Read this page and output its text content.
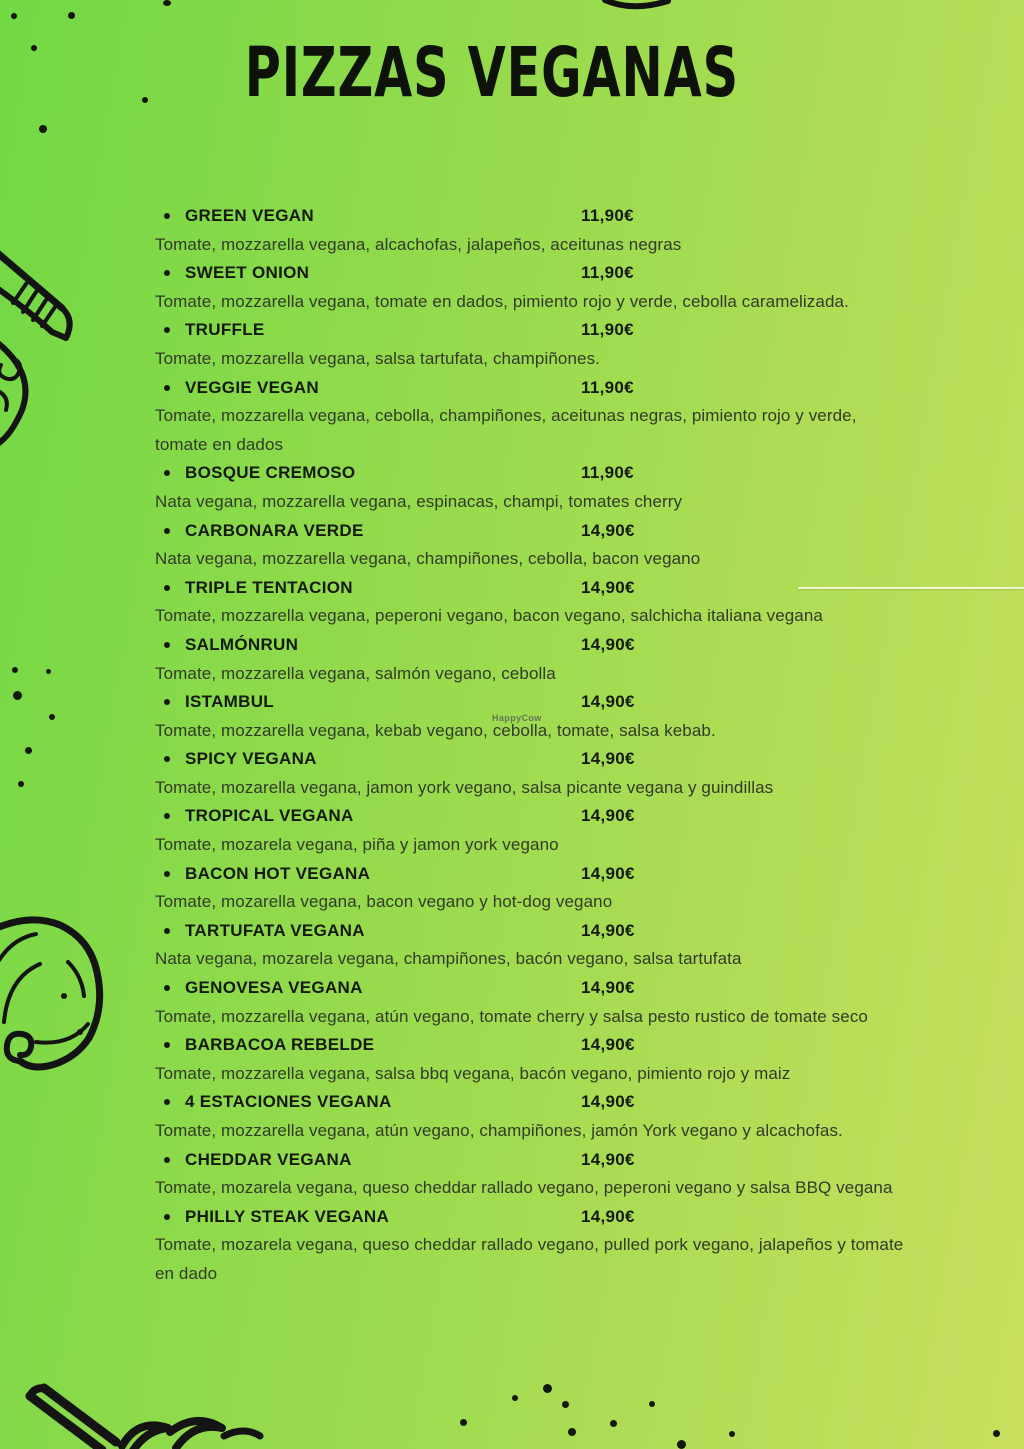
PIZZAS VEGANAS
HappyCow
GREEN VEGAN	11,90€
Tomate, mozzarella vegana, alcachofas, jalapeños, aceitunas negras
SWEET ONION	11,90€
Tomate, mozzarella vegana, tomate en dados, pimiento rojo y verde, cebolla caramelizada.
TRUFFLE	11,90€
Tomate, mozzarella vegana, salsa tartufata, champiñones.
VEGGIE VEGAN	11,90€
Tomate, mozzarella vegana, cebolla, champiñones, aceitunas negras, pimiento rojo y verde,
tomate en dados
BOSQUE CREMOSO	11,90€
Nata vegana, mozzarella vegana, espinacas, champi, tomates cherry
CARBONARA VERDE	14,90€
Nata vegana, mozzarella vegana, champiñones, cebolla, bacon vegano
TRIPLE TENTACION	14,90€
Tomate, mozzarella vegana, peperoni vegano, bacon vegano, salchicha italiana vegana
SALMÓNRUN	14,90€
Tomate, mozzarella vegana, salmón vegano, cebolla
ISTAMBUL	14,90€
Tomate, mozzarella vegana, kebab vegano, cebolla, tomate, salsa kebab.
SPICY VEGANA	14,90€
Tomate, mozarella vegana, jamon york vegano, salsa picante vegana y guindillas
TROPICAL VEGANA	14,90€
Tomate, mozarela vegana, piña y jamon york vegano
BACON HOT VEGANA	14,90€
Tomate, mozarella vegana, bacon vegano y hot-dog vegano
TARTUFATA VEGANA	14,90€
Nata vegana, mozarela vegana, champiñones, bacón vegano, salsa tartufata
GENOVESA VEGANA	14,90€
Tomate, mozzarella vegana, atún vegano, tomate cherry y salsa pesto rustico de tomate seco
BARBACOA REBELDE	14,90€
Tomate, mozzarella vegana, salsa bbq vegana, bacón vegano, pimiento rojo y maiz
4 ESTACIONES VEGANA	14,90€
Tomate, mozzarella vegana, atún vegano, champiñones, jamón York vegano y alcachofas.
CHEDDAR VEGANA	14,90€
Tomate, mozarela vegana, queso cheddar rallado vegano, peperoni vegano y salsa BBQ vegana
PHILLY STEAK VEGANA	14,90€
Tomate, mozarela vegana, queso cheddar rallado vegano, pulled pork vegano, jalapeños y tomate
en dado
